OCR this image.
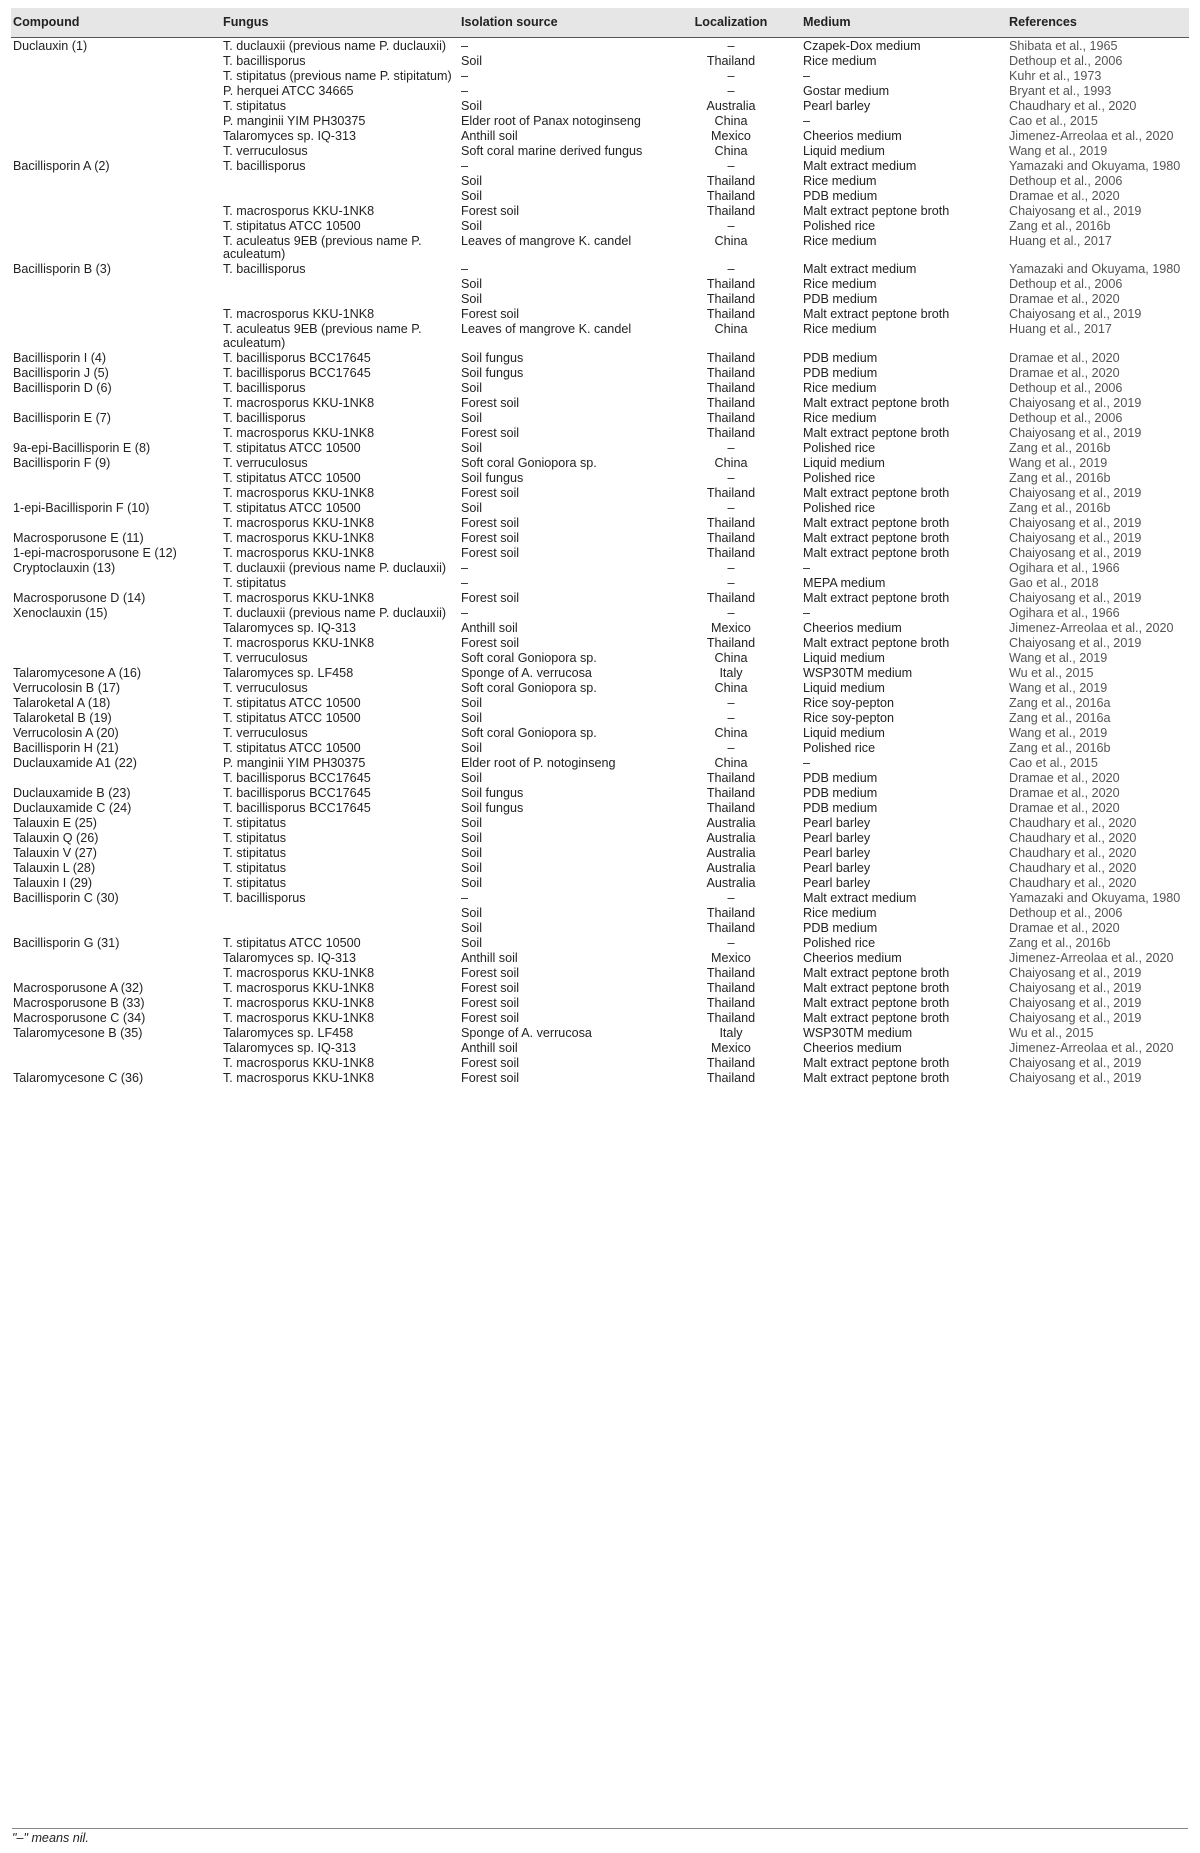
Compound	Fungus	Isolation source	Localization	Medium	References
Duclauxin (1)	T. duclauxii (previous name P. duclauxii)	–	–	Czapek-Dox medium	Shibata et al., 1965
	T. bacillisporus	Soil	Thailand	Rice medium	Dethoup et al., 2006
	T. stipitatus (previous name P. stipitatum)	–	–	–	Kuhr et al., 1973
	P. herquei ATCC 34665	–	–	Gostar medium	Bryant et al., 1993
	T. stipitatus	Soil	Australia	Pearl barley	Chaudhary et al., 2020
	P. manginii YIM PH30375	Elder root of Panax notoginseng	China	–	Cao et al., 2015
	Talaromyces sp. IQ-313	Anthill soil	Mexico	Cheerios medium	Jimenez-Arreolaa et al., 2020
	T. verruculosus	Soft coral marine derived fungus	China	Liquid medium	Wang et al., 2019
Bacillisporin A (2)	T. bacillisporus	–	–	Malt extract medium	Yamazaki and Okuyama, 1980
		Soil	Thailand	Rice medium	Dethoup et al., 2006
		Soil	Thailand	PDB medium	Dramae et al., 2020
	T. macrosporus KKU-1NK8	Forest soil	Thailand	Malt extract peptone broth	Chaiyosang et al., 2019
	T. stipitatus ATCC 10500	Soil	–	Polished rice	Zang et al., 2016b
	T. aculeatus 9EB (previous name P. aculeatum)	Leaves of mangrove K. candel	China	Rice medium	Huang et al., 2017
Bacillisporin B (3)	T. bacillisporus	–	–	Malt extract medium	Yamazaki and Okuyama, 1980
		Soil	Thailand	Rice medium	Dethoup et al., 2006
		Soil	Thailand	PDB medium	Dramae et al., 2020
	T. macrosporus KKU-1NK8	Forest soil	Thailand	Malt extract peptone broth	Chaiyosang et al., 2019
	T. aculeatus 9EB (previous name P. aculeatum)	Leaves of mangrove K. candel	China	Rice medium	Huang et al., 2017
Bacillisporin I (4)	T. bacillisporus BCC17645	Soil fungus	Thailand	PDB medium	Dramae et al., 2020
Bacillisporin J (5)	T. bacillisporus BCC17645	Soil fungus	Thailand	PDB medium	Dramae et al., 2020
Bacillisporin D (6)	T. bacillisporus	Soil	Thailand	Rice medium	Dethoup et al., 2006
	T. macrosporus KKU-1NK8	Forest soil	Thailand	Malt extract peptone broth	Chaiyosang et al., 2019
Bacillisporin E (7)	T. bacillisporus	Soil	Thailand	Rice medium	Dethoup et al., 2006
	T. macrosporus KKU-1NK8	Forest soil	Thailand	Malt extract peptone broth	Chaiyosang et al., 2019
9a-epi-Bacillisporin E (8)	T. stipitatus ATCC 10500	Soil	–	Polished rice	Zang et al., 2016b
Bacillisporin F (9)	T. verruculosus	Soft coral Goniopora sp.	China	Liquid medium	Wang et al., 2019
	T. stipitatus ATCC 10500	Soil fungus	–	Polished rice	Zang et al., 2016b
	T. macrosporus KKU-1NK8	Forest soil	Thailand	Malt extract peptone broth	Chaiyosang et al., 2019
1-epi-Bacillisporin F (10)	T. stipitatus ATCC 10500	Soil	–	Polished rice	Zang et al., 2016b
	T. macrosporus KKU-1NK8	Forest soil	Thailand	Malt extract peptone broth	Chaiyosang et al., 2019
Macrosporusone E (11)	T. macrosporus KKU-1NK8	Forest soil	Thailand	Malt extract peptone broth	Chaiyosang et al., 2019
1-epi-macrosporusone E (12)	T. macrosporus KKU-1NK8	Forest soil	Thailand	Malt extract peptone broth	Chaiyosang et al., 2019
Cryptoclauxin (13)	T. duclauxii (previous name P. duclauxii)	–	–	–	Ogihara et al., 1966
	T. stipitatus	–	–	MEPA medium	Gao et al., 2018
Macrosporusone D (14)	T. macrosporus KKU-1NK8	Forest soil	Thailand	Malt extract peptone broth	Chaiyosang et al., 2019
Xenoclauxin (15)	T. duclauxii (previous name P. duclauxii)	–	–	–	Ogihara et al., 1966
	Talaromyces sp. IQ-313	Anthill soil	Mexico	Cheerios medium	Jimenez-Arreolaa et al., 2020
	T. macrosporus KKU-1NK8	Forest soil	Thailand	Malt extract peptone broth	Chaiyosang et al., 2019
	T. verruculosus	Soft coral Goniopora sp.	China	Liquid medium	Wang et al., 2019
Talaromycesone A (16)	Talaromyces sp. LF458	Sponge of A. verrucosa	Italy	WSP30TM medium	Wu et al., 2015
Verrucolosin B (17)	T. verruculosus	Soft coral Goniopora sp.	China	Liquid medium	Wang et al., 2019
Talaroketal A (18)	T. stipitatus ATCC 10500	Soil	–	Rice soy-pepton	Zang et al., 2016a
Talaroketal B (19)	T. stipitatus ATCC 10500	Soil	–	Rice soy-pepton	Zang et al., 2016a
Verrucolosin A (20)	T. verruculosus	Soft coral Goniopora sp.	China	Liquid medium	Wang et al., 2019
Bacillisporin H (21)	T. stipitatus ATCC 10500	Soil	–	Polished rice	Zang et al., 2016b
Duclauxamide A1 (22)	P. manginii YIM PH30375	Elder root of P. notoginseng	China	–	Cao et al., 2015
	T. bacillisporus BCC17645	Soil	Thailand	PDB medium	Dramae et al., 2020
Duclauxamide B (23)	T. bacillisporus BCC17645	Soil fungus	Thailand	PDB medium	Dramae et al., 2020
Duclauxamide C (24)	T. bacillisporus BCC17645	Soil fungus	Thailand	PDB medium	Dramae et al., 2020
Talauxin E (25)	T. stipitatus	Soil	Australia	Pearl barley	Chaudhary et al., 2020
Talauxin Q (26)	T. stipitatus	Soil	Australia	Pearl barley	Chaudhary et al., 2020
Talauxin V (27)	T. stipitatus	Soil	Australia	Pearl barley	Chaudhary et al., 2020
Talauxin L (28)	T. stipitatus	Soil	Australia	Pearl barley	Chaudhary et al., 2020
Talauxin I (29)	T. stipitatus	Soil	Australia	Pearl barley	Chaudhary et al., 2020
Bacillisporin C (30)	T. bacillisporus	–	–	Malt extract medium	Yamazaki and Okuyama, 1980
		Soil	Thailand	Rice medium	Dethoup et al., 2006
		Soil	Thailand	PDB medium	Dramae et al., 2020
Bacillisporin G (31)	T. stipitatus ATCC 10500	Soil	–	Polished rice	Zang et al., 2016b
	Talaromyces sp. IQ-313	Anthill soil	Mexico	Cheerios medium	Jimenez-Arreolaa et al., 2020
	T. macrosporus KKU-1NK8	Forest soil	Thailand	Malt extract peptone broth	Chaiyosang et al., 2019
Macrosporusone A (32)	T. macrosporus KKU-1NK8	Forest soil	Thailand	Malt extract peptone broth	Chaiyosang et al., 2019
Macrosporusone B (33)	T. macrosporus KKU-1NK8	Forest soil	Thailand	Malt extract peptone broth	Chaiyosang et al., 2019
Macrosporusone C (34)	T. macrosporus KKU-1NK8	Forest soil	Thailand	Malt extract peptone broth	Chaiyosang et al., 2019
Talaromycesone B (35)	Talaromyces sp. LF458	Sponge of A. verrucosa	Italy	WSP30TM medium	Wu et al., 2015
	Talaromyces sp. IQ-313	Anthill soil	Mexico	Cheerios medium	Jimenez-Arreolaa et al., 2020
	T. macrosporus KKU-1NK8	Forest soil	Thailand	Malt extract peptone broth	Chaiyosang et al., 2019
Talaromycesone C (36)	T. macrosporus KKU-1NK8	Forest soil	Thailand	Malt extract peptone broth	Chaiyosang et al., 2019
"–" means nil.
